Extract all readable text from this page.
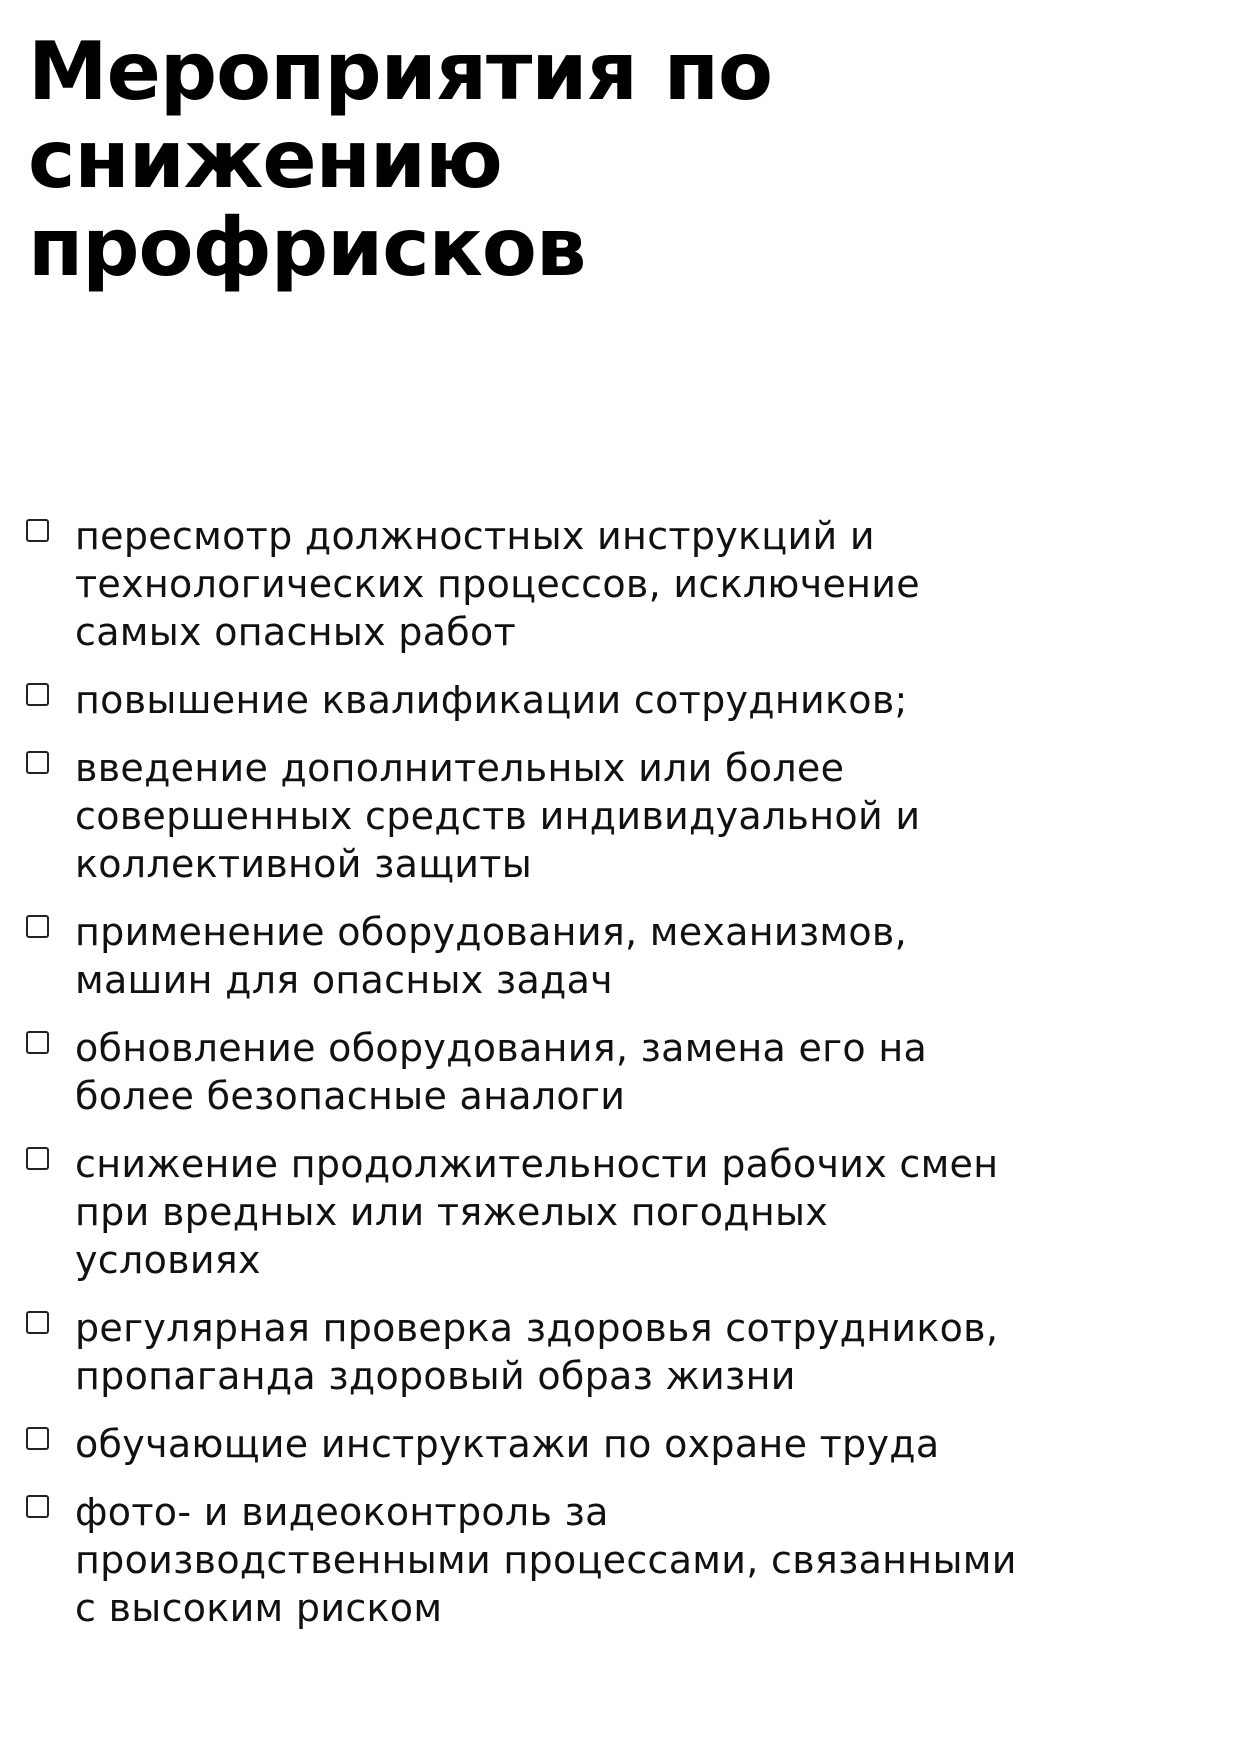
Мероприятия по
снижению
профрисков
пересмотр должностных инструкций и технологических процессов, исключение самых опасных работ
повышение квалификации сотрудников;
введение дополнительных или более совершенных средств индивидуальной и коллективной защиты
применение оборудования, механизмов, машин для опасных задач
обновление оборудования, замена его на более безопасные аналоги
снижение продолжительности рабочих смен при вредных или тяжелых погодных условиях
регулярная проверка здоровья сотрудников, пропаганда здоровый образ жизни
обучающие инструктажи по охране труда
фото- и видеоконтроль за производственными процессами, связанными с высоким риском
